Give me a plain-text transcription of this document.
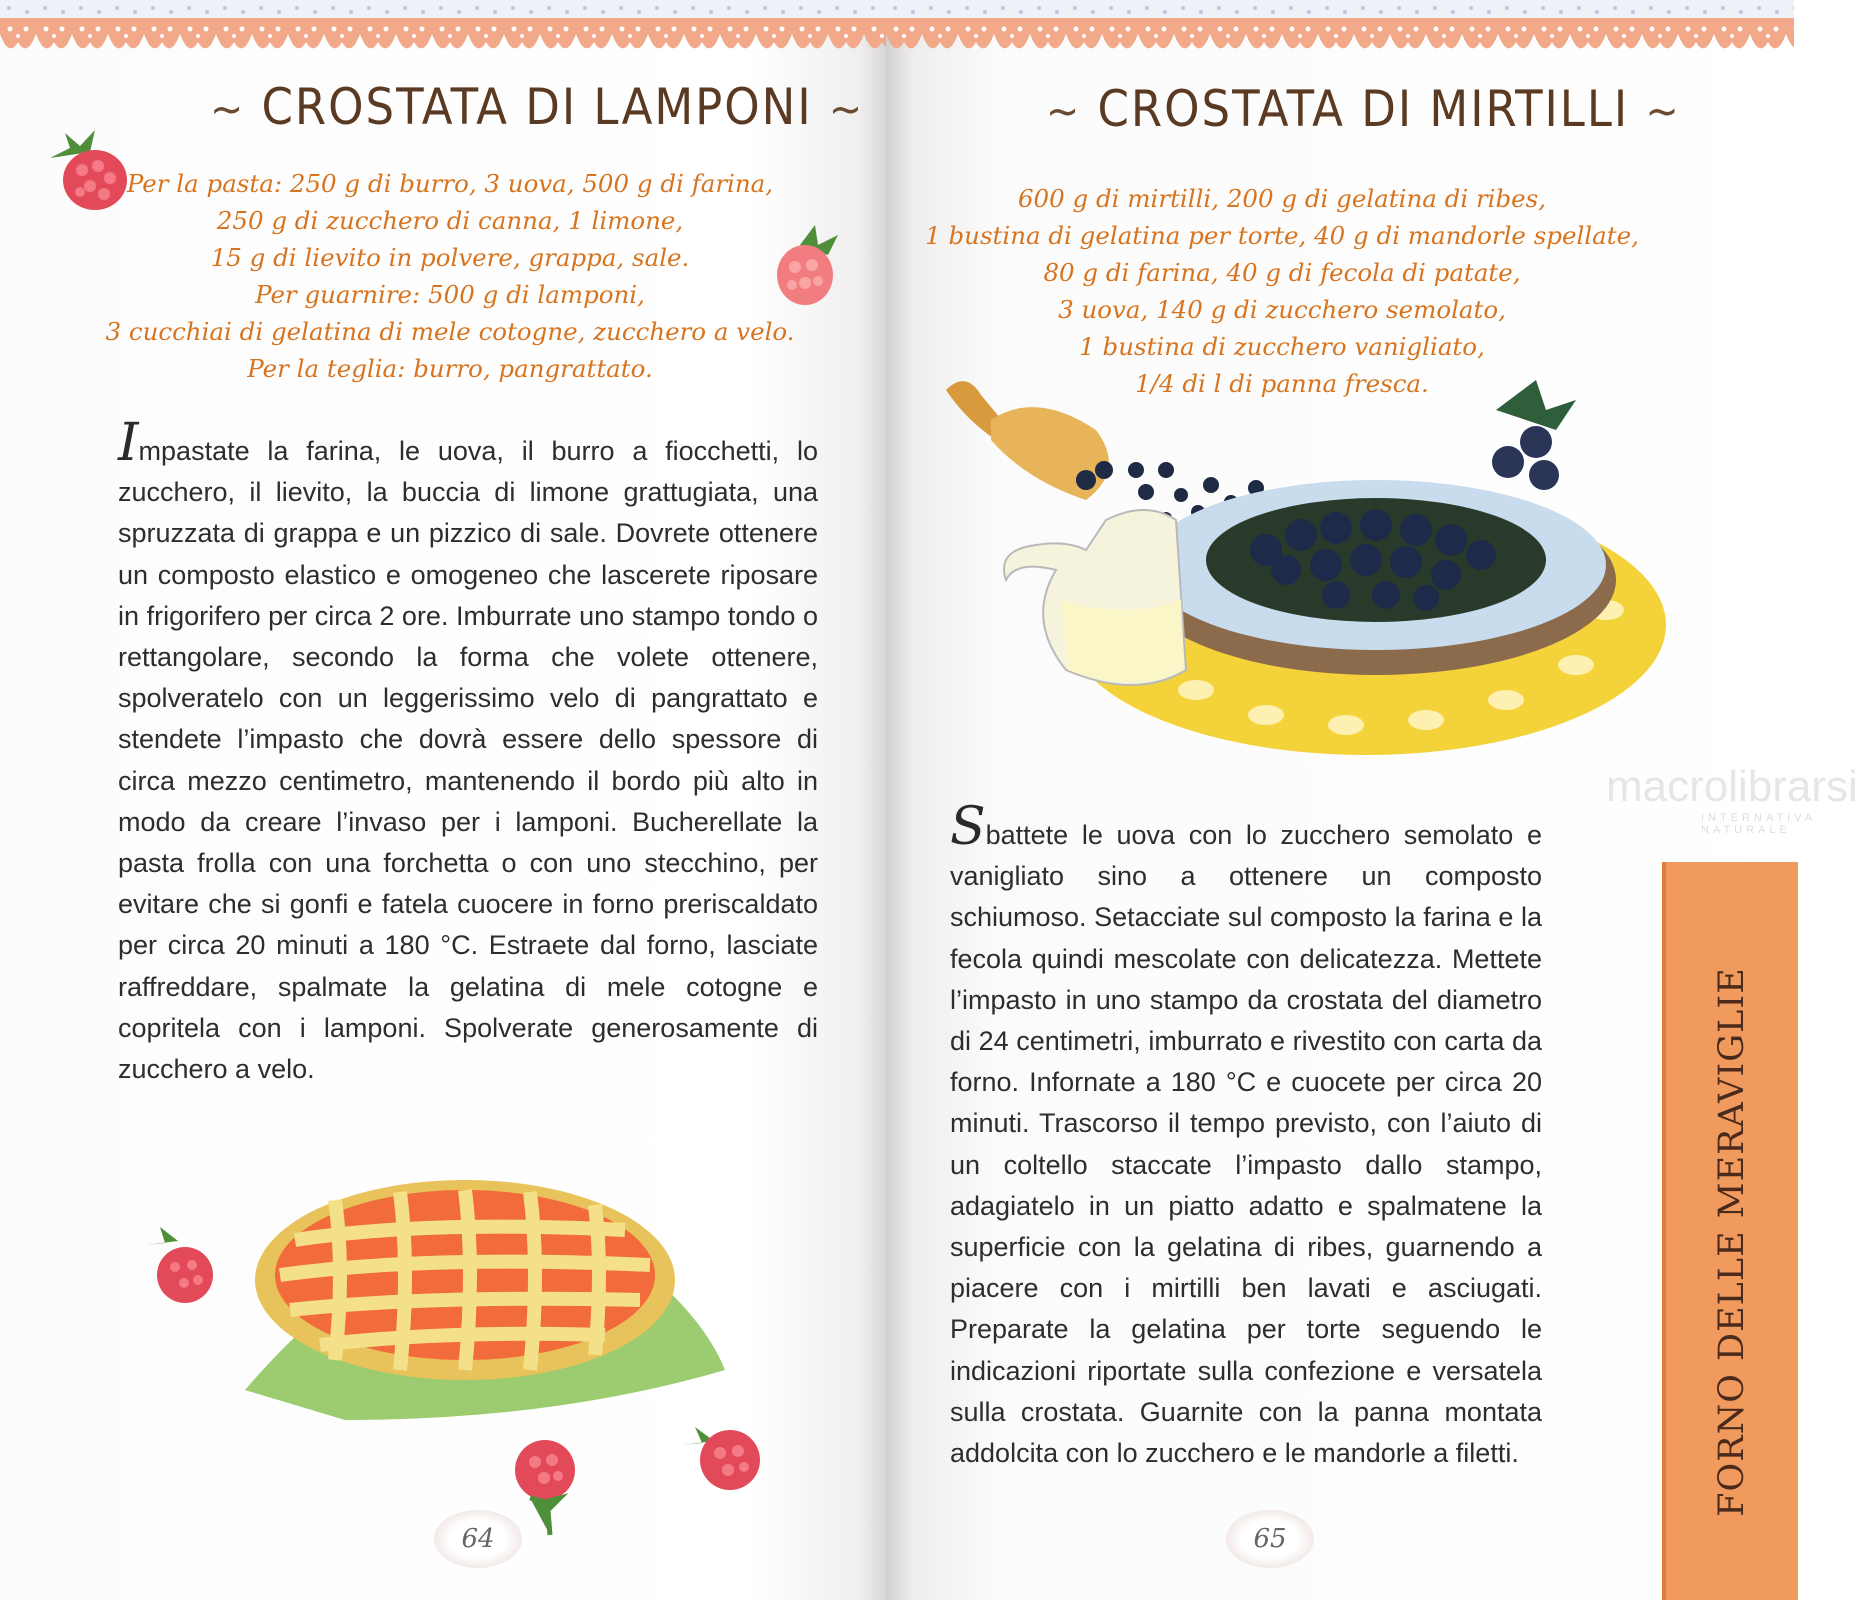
~ CROSTATA DI LAMPONI ~
Per la pasta: 250 g di burro, 3 uova, 500 g di farina,
250 g di zucchero di canna, 1 limone,
15 g di lievito in polvere, grappa, sale.
Per guarnire: 500 g di lamponi,
3 cucchiai di gelatina di mele cotogne, zucchero a velo.
Per la teglia: burro, pangrattato.

Impastate la farina, le uova, il burro a fiocchetti, lo zucchero, il lievito, la buccia di limone grattugiata, una spruzzata di grappa e un pizzico di sale. Dovrete ottenere un composto elastico e omogeneo che lascerete riposare in frigorifero per circa 2 ore. Imburrate uno stampo tondo o rettangolare, secondo la forma che volete ottenere, spolveratelo con un leggerissimo velo di pangrattato e stendete l’impasto che dovrà essere dello spessore di circa mezzo centimetro, mantenendo il bordo più alto in modo da creare l’invaso per i lamponi. Bucherellate la pasta frolla con una forchetta o con uno stecchino, per evitare che si gonfi e fatela cuocere in forno preriscaldato per circa 20 minuti a 180 °C. Estraete dal forno, lasciate raffreddare, spalmate la gelatina di mele cotogne e copritela con i lamponi. Spolverate generosamente di zucchero a velo.

64
~ CROSTATA DI MIRTILLI ~
600 g di mirtilli, 200 g di gelatina di ribes,
1 bustina di gelatina per torte, 40 g di mandorle spellate,
80 g di farina, 40 g di fecola di patate,
3 uova, 140 g di zucchero semolato,
1 bustina di zucchero vanigliato,
1/4 di l di panna fresca.
macrolibrarsi
INTERNATIVA NATURALE

Sbattete le uova con lo zucchero semolato e vanigliato sino a ottenere un composto schiumoso. Setacciate sul composto la farina e la fecola quindi mescolate con delicatezza. Mettete l’impasto in uno stampo da crostata del diametro di 24 centimetri, imburrato e rivestito con carta da forno. Infornate a 180 °C e cuocete per circa 20 minuti. Trascorso il tempo previsto, con l’aiuto di un coltello staccate l’impasto dallo stampo, adagiatelo in un piatto adatto e spalmatene la superficie con la gelatina di ribes, guarnendo a piacere con i mirtilli ben lavati e asciugati. Preparate la gelatina per torte seguendo le indicazioni riportate sulla confezione e versatela sulla crostata. Guarnite con la panna montata addolcita con lo zucchero e le mandorle a filetti.

65
FORNO DELLE MERAVIGLIE
